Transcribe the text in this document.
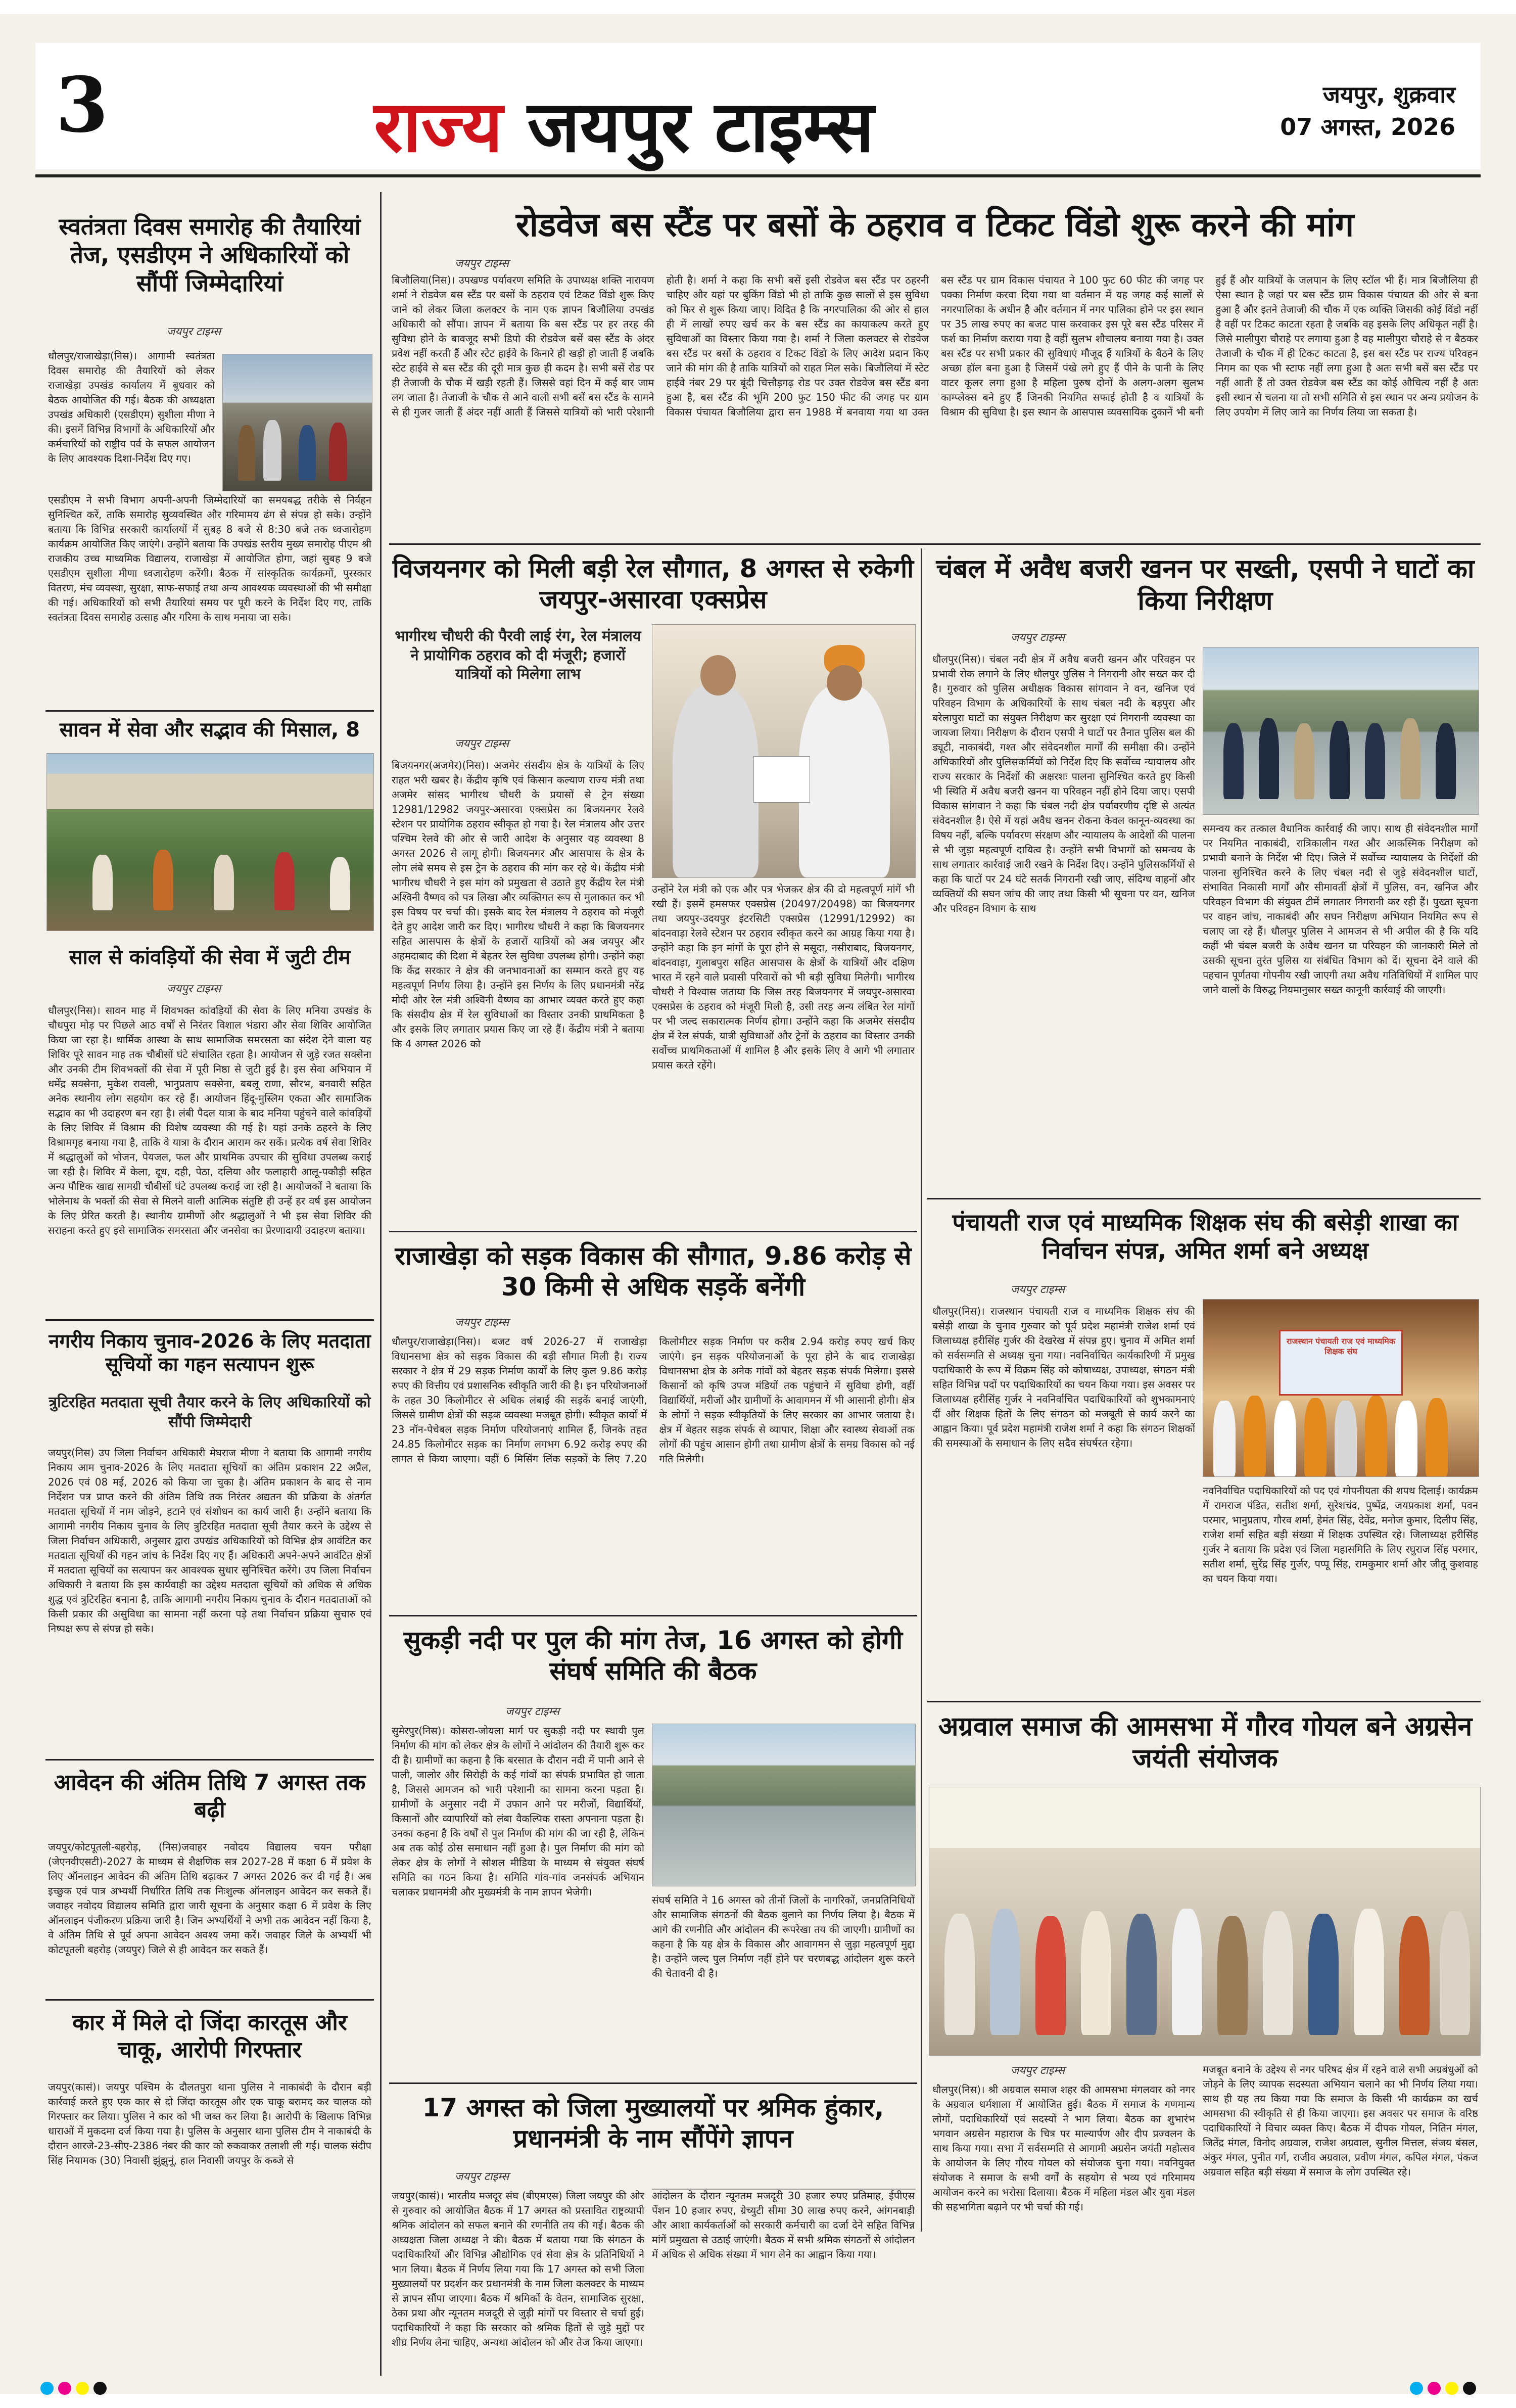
3	राज्य जयपुर टाइम्स	जयपुर, शुक्रवार
07 अगस्त, 2026
स्वतंत्रता दिवस समारोह की तैयारियां तेज, एसडीएम ने अधिकारियों को सौंपीं जिम्मेदारियां
जयपुर टाइम्स
धौलपुर/राजाखेड़ा(निस)। आगामी स्वतंत्रता दिवस समारोह की तैयारियों को लेकर राजाखेड़ा उपखंड कार्यालय में बुधवार को बैठक आयोजित की गई। बैठक की अध्यक्षता उपखंड अधिकारी (एसडीएम) सुशीला मीणा ने की। इसमें विभिन्न विभागों के अधिकारियों और कर्मचारियों को राष्ट्रीय पर्व के सफल आयोजन के लिए आवश्यक दिशा-निर्देश दिए गए।
एसडीएम ने सभी विभाग अपनी-अपनी जिम्मेदारियों का समयबद्ध तरीके से निर्वहन सुनिश्चित करें, ताकि समारोह सुव्यवस्थित और गरिमामय ढंग से संपन्न हो सके। उन्होंने बताया कि विभिन्न सरकारी कार्यालयों में सुबह 8 बजे से 8:30 बजे तक ध्वजारोहण कार्यक्रम आयोजित किए जाएंगे। उन्होंने बताया कि उपखंड स्तरीय मुख्य समारोह पीएम श्री राजकीय उच्च माध्यमिक विद्यालय, राजाखेड़ा में आयोजित होगा, जहां सुबह 9 बजे एसडीएम सुशीला मीणा ध्वजारोहण करेंगी। बैठक में सांस्कृतिक कार्यक्रमों, पुरस्कार वितरण, मंच व्यवस्था, सुरक्षा, साफ-सफाई तथा अन्य आवश्यक व्यवस्थाओं की भी समीक्षा की गई। अधिकारियों को सभी तैयारियां समय पर पूरी करने के निर्देश दिए गए, ताकि स्वतंत्रता दिवस समारोह उत्साह और गरिमा के साथ मनाया जा सके।
सावन में सेवा और सद्भाव की मिसाल, 8
साल से कांवड़ियों की सेवा में जुटी टीम
जयपुर टाइम्स
धौलपुर(निस)। सावन माह में शिवभक्त कांवड़ियों की सेवा के लिए मनिया उपखंड के चौधपुरा मोड़ पर पिछले आठ वर्षों से निरंतर विशाल भंडारा और सेवा शिविर आयोजित किया जा रहा है। धार्मिक आस्था के साथ सामाजिक समरसता का संदेश देने वाला यह शिविर पूरे सावन माह तक चौबीसों घंटे संचालित रहता है। आयोजन से जुड़े रजत सक्सेना और उनकी टीम शिवभक्तों की सेवा में पूरी निष्ठा से जुटी हुई है। इस सेवा अभियान में धर्मेंद्र सक्सेना, मुकेश रावली, भानुप्रताप सक्सेना, बबलू राणा, सौरभ, बनवारी सहित अनेक स्थानीय लोग सहयोग कर रहे हैं। आयोजन हिंदू-मुस्लिम एकता और सामाजिक सद्भाव का भी उदाहरण बन रहा है। लंबी पैदल यात्रा के बाद मनिया पहुंचने वाले कांवड़ियों के लिए शिविर में विश्राम की विशेष व्यवस्था की गई है। यहां उनके ठहरने के लिए विश्रामगृह बनाया गया है, ताकि वे यात्रा के दौरान आराम कर सकें। प्रत्येक वर्ष सेवा शिविर में श्रद्धालुओं को भोजन, पेयजल, फल और प्राथमिक उपचार की सुविधा उपलब्ध कराई जा रही है। शिविर में केला, दूध, दही, पेठा, दलिया और फलाहारी आलू-पकौड़ी सहित अन्य पौष्टिक खाद्य सामग्री चौबीसों घंटे उपलब्ध कराई जा रही है। आयोजकों ने बताया कि भोलेनाथ के भक्तों की सेवा से मिलने वाली आत्मिक संतुष्टि ही उन्हें हर वर्ष इस आयोजन के लिए प्रेरित करती है। स्थानीय ग्रामीणों और श्रद्धालुओं ने भी इस सेवा शिविर की सराहना करते हुए इसे सामाजिक समरसता और जनसेवा का प्रेरणादायी उदाहरण बताया।
नगरीय निकाय चुनाव-2026 के लिए मतदाता सूचियों का गहन सत्यापन शुरू
त्रुटिरहित मतदाता सूची तैयार करने के लिए अधिकारियों को सौंपी जिम्मेदारी
जयपुर(निस) उप जिला निर्वाचन अधिकारी मेघराज मीणा ने बताया कि आगामी नगरीय निकाय आम चुनाव-2026 के लिए मतदाता सूचियों का अंतिम प्रकाशन 22 अप्रैल, 2026 एवं 08 मई, 2026 को किया जा चुका है। अंतिम प्रकाशन के बाद से नाम निर्देशन पत्र प्राप्त करने की अंतिम तिथि तक निरंतर अद्यतन की प्रक्रिया के अंतर्गत मतदाता सूचियों में नाम जोड़ने, हटाने एवं संशोधन का कार्य जारी है। उन्होंने बताया कि आगामी नगरीय निकाय चुनाव के लिए त्रुटिरहित मतदाता सूची तैयार करने के उद्देश्य से जिला निर्वाचन अधिकारी, अनुसार द्वारा उपखंड अधिकारियों को विभिन्न क्षेत्र आवंटित कर मतदाता सूचियों की गहन जांच के निर्देश दिए गए हैं। अधिकारी अपने-अपने आवंटित क्षेत्रों में मतदाता सूचियों का सत्यापन कर आवश्यक सुधार सुनिश्चित करेंगे। उप जिला निर्वाचन अधिकारी ने बताया कि इस कार्यवाही का उद्देश्य मतदाता सूचियों को अधिक से अधिक शुद्ध एवं त्रुटिरहित बनाना है, ताकि आगामी नगरीय निकाय चुनाव के दौरान मतदाताओं को किसी प्रकार की असुविधा का सामना नहीं करना पड़े तथा निर्वाचन प्रक्रिया सुचारु एवं निष्पक्ष रूप से संपन्न हो सके।
आवेदन की अंतिम तिथि 7 अगस्त तक बढ़ी
जयपुर/कोटपूतली-बहरोड़, (निस)जवाहर नवोदय विद्यालय चयन परीक्षा (जेएनवीएसटी)-2027 के माध्यम से शैक्षणिक सत्र 2027-28 में कक्षा 6 में प्रवेश के लिए ऑनलाइन आवेदन की अंतिम तिथि बढ़ाकर 7 अगस्त 2026 कर दी गई है। अब इच्छुक एवं पात्र अभ्यर्थी निर्धारित तिथि तक निःशुल्क ऑनलाइन आवेदन कर सकते हैं। जवाहर नवोदय विद्यालय समिति द्वारा जारी सूचना के अनुसार कक्षा 6 में प्रवेश के लिए ऑनलाइन पंजीकरण प्रक्रिया जारी है। जिन अभ्यर्थियों ने अभी तक आवेदन नहीं किया है, वे अंतिम तिथि से पूर्व अपना आवेदन अवश्य जमा करें। जवाहर जिले के अभ्यर्थी भी कोटपूतली बहरोड़ (जयपुर) जिले से ही आवेदन कर सकते हैं।
कार में मिले दो जिंदा कारतूस और चाकू, आरोपी गिरफ्तार
जयपुर(कासं)। जयपुर पश्चिम के दौलतपुरा थाना पुलिस ने नाकाबंदी के दौरान बड़ी कार्रवाई करते हुए एक कार से दो जिंदा कारतूस और एक चाकू बरामद कर चालक को गिरफ्तार कर लिया। पुलिस ने कार को भी जब्त कर लिया है। आरोपी के खिलाफ विभिन्न धाराओं में मुकदमा दर्ज किया गया है। पुलिस के अनुसार थाना पुलिस टीम ने नाकाबंदी के दौरान आरजे-23-सीए-2386 नंबर की कार को रुकवाकर तलाशी ली गई। चालक संदीप सिंह नियामक (30) निवासी झुंझुनूं, हाल निवासी जयपुर के कब्जे से
रोडवेज बस स्टैंड पर बसों के ठहराव व टिकट विंडो शुरू करने की मांग
जयपुर टाइम्स
बिजौलिया(निस)। उपखण्ड पर्यावरण समिति के उपाध्यक्ष शक्ति नारायण शर्मा ने रोडवेज बस स्टैंड पर बसों के ठहराव एवं टिकट विंडो शुरू किए जाने को लेकर जिला कलक्टर के नाम एक ज्ञापन बिजौलिया उपखंड अधिकारी को सौंपा। ज्ञापन में बताया कि बस स्टैंड पर हर तरह की सुविधा होने के बावजूद सभी डिपो की रोडवेज बसें बस स्टैंड के अंदर प्रवेश नहीं करती हैं और स्टेट हाईवे के किनारे ही खड़ी हो जाती हैं जबकि स्टेट हाईवे से बस स्टैंड की दूरी मात्र कुछ ही कदम है। सभी बसें रोड पर ही तेजाजी के चौक में खड़ी रहती हैं। जिससे वहां दिन में कई बार जाम लग जाता है। तेजाजी के चौक से आने वाली सभी बसें बस स्टैंड के सामने से ही गुजर जाती हैं अंदर नहीं आती हैं जिससे यात्रियों को भारी परेशानी होती है। शर्मा ने कहा कि सभी बसें इसी रोडवेज बस स्टैंड पर ठहरनी चाहिए और यहां पर बुकिंग विंडो भी हो ताकि कुछ सालों से इस सुविधा को फिर से शुरू किया जाए। विदित है कि नगरपालिका की ओर से हाल ही में लाखों रुपए खर्च कर के बस स्टैंड का कायाकल्प करते हुए सुविधाओं का विस्तार किया गया है। शर्मा ने जिला कलक्टर से रोडवेज बस स्टैंड पर बसों के ठहराव व टिकट विंडो के लिए आदेश प्रदान किए जाने की मांग की है ताकि यात्रियों को राहत मिल सके। बिजौलियां में स्टेट हाईवे नंबर 29 पर बूंदी चित्तौड़गढ़ रोड पर उक्त रोडवेज बस स्टैंड बना हुआ है, बस स्टैंड की भूमि 200 फुट 150 फीट की जगह पर ग्राम विकास पंचायत बिजौलिया द्वारा सन 1988 में बनवाया गया था उक्त बस स्टैंड पर ग्राम विकास पंचायत ने 100 फुट 60 फीट की जगह पर पक्का निर्माण करवा दिया गया था वर्तमान में यह जगह कई सालों से नगरपालिका के अधीन है और वर्तमान में नगर पालिका होने पर इस स्थान पर 35 लाख रुपए का बजट पास करवाकर इस पूरे बस स्टैंड परिसर में फर्श का निर्माण कराया गया है वहीं सुलभ शौचालय बनाया गया है। उक्त बस स्टैंड पर सभी प्रकार की सुविधाएं मौजूद हैं यात्रियों के बैठने के लिए अच्छा हॉल बना हुआ है जिसमें पंखे लगे हुए हैं पीने के पानी के लिए वाटर कूलर लगा हुआ है महिला पुरुष दोनों के अलग-अलग सुलभ काम्प्लेक्स बने हुए हैं जिनकी नियमित सफाई होती है व यात्रियों के विश्राम की सुविधा है। इस स्थान के आसपास व्यवसायिक दुकानें भी बनी हुई हैं और यात्रियों के जलपान के लिए स्टॉल भी हैं। मात्र बिजौलिया ही ऐसा स्थान है जहां पर बस स्टैंड ग्राम विकास पंचायत की ओर से बना हुआ है और इतने तेजाजी की चौक में एक व्यक्ति जिसकी कोई विंडो नहीं है वहीं पर टिकट काटता रहता है जबकि वह इसके लिए अधिकृत नहीं है। जिसे मालीपुरा चौराहे पर लगाया हुआ है वह मालीपुरा चौराहे से न बैठकर तेजाजी के चौक में ही टिकट काटता है, इस बस स्टैंड पर राज्य परिवहन निगम का एक भी स्टाफ नहीं लगा हुआ है अतः सभी बसें बस स्टैंड पर नहीं आती हैं तो उक्त रोडवेज बस स्टैंड का कोई औचित्य नहीं है अतः इसी स्थान से चलना या तो सभी समिति से इस स्थान पर अन्य प्रयोजन के लिए उपयोग में लिए जाने का निर्णय लिया जा सकता है।
विजयनगर को मिली बड़ी रेल सौगात, 8 अगस्त से रुकेगी जयपुर-असारवा एक्सप्रेस
भागीरथ चौधरी की पैरवी लाई रंग, रेल मंत्रालय ने प्रायोगिक ठहराव को दी मंजूरी; हजारों यात्रियों को मिलेगा लाभ
जयपुर टाइम्स
बिजयनगर(अजमेर)(निस)। अजमेर संसदीय क्षेत्र के यात्रियों के लिए राहत भरी खबर है। केंद्रीय कृषि एवं किसान कल्याण राज्य मंत्री तथा अजमेर सांसद भागीरथ चौधरी के प्रयासों से ट्रेन संख्या 12981/12982 जयपुर-असारवा एक्सप्रेस का बिजयनगर रेलवे स्टेशन पर प्रायोगिक ठहराव स्वीकृत हो गया है। रेल मंत्रालय और उत्तर पश्चिम रेलवे की ओर से जारी आदेश के अनुसार यह व्यवस्था 8 अगस्त 2026 से लागू होगी। बिजयनगर और आसपास के क्षेत्र के लोग लंबे समय से इस ट्रेन के ठहराव की मांग कर रहे थे। केंद्रीय मंत्री भागीरथ चौधरी ने इस मांग को प्रमुखता से उठाते हुए केंद्रीय रेल मंत्री अश्विनी वैष्णव को पत्र लिखा और व्यक्तिगत रूप से मुलाकात कर भी इस विषय पर चर्चा की। इसके बाद रेल मंत्रालय ने ठहराव को मंजूरी देते हुए आदेश जारी कर दिए। भागीरथ चौधरी ने कहा कि बिजयनगर सहित आसपास के क्षेत्रों के हजारों यात्रियों को अब जयपुर और अहमदाबाद की दिशा में बेहतर रेल सुविधा उपलब्ध होगी। उन्होंने कहा कि केंद्र सरकार ने क्षेत्र की जनभावनाओं का सम्मान करते हुए यह महत्वपूर्ण निर्णय लिया है। उन्होंने इस निर्णय के लिए प्रधानमंत्री नरेंद्र मोदी और रेल मंत्री अश्विनी वैष्णव का आभार व्यक्त करते हुए कहा कि संसदीय क्षेत्र में रेल सुविधाओं का विस्तार उनकी प्राथमिकता है और इसके लिए लगातार प्रयास किए जा रहे हैं। केंद्रीय मंत्री ने बताया कि 4 अगस्त 2026 को
उन्होंने रेल मंत्री को एक और पत्र भेजकर क्षेत्र की दो महत्वपूर्ण मांगें भी रखी हैं। इसमें हमसफर एक्सप्रेस (20497/20498) का बिजयनगर तथा जयपुर-उदयपुर इंटरसिटी एक्सप्रेस (12991/12992) का बांदनवाड़ा रेलवे स्टेशन पर ठहराव स्वीकृत करने का आग्रह किया गया है। उन्होंने कहा कि इन मांगों के पूरा होने से मसूदा, नसीराबाद, बिजयनगर, बांदनवाड़ा, गुलाबपुरा सहित आसपास के क्षेत्रों के यात्रियों और दक्षिण भारत में रहने वाले प्रवासी परिवारों को भी बड़ी सुविधा मिलेगी। भागीरथ चौधरी ने विश्वास जताया कि जिस तरह बिजयनगर में जयपुर-असारवा एक्सप्रेस के ठहराव को मंजूरी मिली है, उसी तरह अन्य लंबित रेल मांगों पर भी जल्द सकारात्मक निर्णय होगा। उन्होंने कहा कि अजमेर संसदीय क्षेत्र में रेल संपर्क, यात्री सुविधाओं और ट्रेनों के ठहराव का विस्तार उनकी सर्वोच्च प्राथमिकताओं में शामिल है और इसके लिए वे आगे भी लगातार प्रयास करते रहेंगे।
राजाखेड़ा को सड़क विकास की सौगात, 9.86 करोड़ से 30 किमी से अधिक सड़कें बनेंगी
जयपुर टाइम्स
धौलपुर/राजाखेड़ा(निस)। बजट वर्ष 2026-27 में राजाखेड़ा विधानसभा क्षेत्र को सड़क विकास की बड़ी सौगात मिली है। राज्य सरकार ने क्षेत्र में 29 सड़क निर्माण कार्यों के लिए कुल 9.86 करोड़ रुपए की वित्तीय एवं प्रशासनिक स्वीकृति जारी की है। इन परियोजनाओं के तहत 30 किलोमीटर से अधिक लंबाई की सड़कें बनाई जाएंगी, जिससे ग्रामीण क्षेत्रों की सड़क व्यवस्था मजबूत होगी। स्वीकृत कार्यों में 23 नॉन-पेचेबल सड़क निर्माण परियोजनाएं शामिल हैं, जिनके तहत 24.85 किलोमीटर सड़क का निर्माण लगभग 6.92 करोड़ रुपए की लागत से किया जाएगा। वहीं 6 मिसिंग लिंक सड़कों के लिए 7.20 किलोमीटर सड़क निर्माण पर करीब 2.94 करोड़ रुपए खर्च किए जाएंगे। इन सड़क परियोजनाओं के पूरा होने के बाद राजाखेड़ा विधानसभा क्षेत्र के अनेक गांवों को बेहतर सड़क संपर्क मिलेगा। इससे किसानों को कृषि उपज मंडियों तक पहुंचाने में सुविधा होगी, वहीं विद्यार्थियों, मरीजों और ग्रामीणों के आवागमन में भी आसानी होगी। क्षेत्र के लोगों ने सड़क स्वीकृतियों के लिए सरकार का आभार जताया है। क्षेत्र में बेहतर सड़क संपर्क से व्यापार, शिक्षा और स्वास्थ्य सेवाओं तक लोगों की पहुंच आसान होगी तथा ग्रामीण क्षेत्रों के समग्र विकास को नई गति मिलेगी।
सुकड़ी नदी पर पुल की मांग तेज, 16 अगस्त को होगी संघर्ष समिति की बैठक
जयपुर टाइम्स
सुमेरपुर(निस)। कोसरा-जोयला मार्ग पर सुकड़ी नदी पर स्थायी पुल निर्माण की मांग को लेकर क्षेत्र के लोगों ने आंदोलन की तैयारी शुरू कर दी है। ग्रामीणों का कहना है कि बरसात के दौरान नदी में पानी आने से पाली, जालोर और सिरोही के कई गांवों का संपर्क प्रभावित हो जाता है, जिससे आमजन को भारी परेशानी का सामना करना पड़ता है। ग्रामीणों के अनुसार नदी में उफान आने पर मरीजों, विद्यार्थियों, किसानों और व्यापारियों को लंबा वैकल्पिक रास्ता अपनाना पड़ता है। उनका कहना है कि वर्षों से पुल निर्माण की मांग की जा रही है, लेकिन अब तक कोई ठोस समाधान नहीं हुआ है। पुल निर्माण की मांग को लेकर क्षेत्र के लोगों ने सोशल मीडिया के माध्यम से संयुक्त संघर्ष समिति का गठन किया है। समिति गांव-गांव जनसंपर्क अभियान चलाकर प्रधानमंत्री और मुख्यमंत्री के नाम ज्ञापन भेजेगी।
संघर्ष समिति ने 16 अगस्त को तीनों जिलों के नागरिकों, जनप्रतिनिधियों और सामाजिक संगठनों की बैठक बुलाने का निर्णय लिया है। बैठक में आगे की रणनीति और आंदोलन की रूपरेखा तय की जाएगी। ग्रामीणों का कहना है कि यह क्षेत्र के विकास और आवागमन से जुड़ा महत्वपूर्ण मुद्दा है। उन्होंने जल्द पुल निर्माण नहीं होने पर चरणबद्ध आंदोलन शुरू करने की चेतावनी दी है।
17 अगस्त को जिला मुख्यालयों पर श्रमिक हुंकार, प्रधानमंत्री के नाम सौंपेंगे ज्ञापन
जयपुर टाइम्स
जयपुर(कासं)। भारतीय मजदूर संघ (बीएमएस) जिला जयपुर की ओर से गुरुवार को आयोजित बैठक में 17 अगस्त को प्रस्तावित राष्ट्रव्यापी श्रमिक आंदोलन को सफल बनाने की रणनीति तय की गई। बैठक की अध्यक्षता जिला अध्यक्ष ने की। बैठक में बताया गया कि संगठन के पदाधिकारियों और विभिन्न औद्योगिक एवं सेवा क्षेत्र के प्रतिनिधियों ने भाग लिया। बैठक में निर्णय लिया गया कि 17 अगस्त को सभी जिला मुख्यालयों पर प्रदर्शन कर प्रधानमंत्री के नाम जिला कलक्टर के माध्यम से ज्ञापन सौंपा जाएगा। बैठक में श्रमिकों के वेतन, सामाजिक सुरक्षा, ठेका प्रथा और न्यूनतम मजदूरी से जुड़ी मांगों पर विस्तार से चर्चा हुई। पदाधिकारियों ने कहा कि सरकार को श्रमिक हितों से जुड़े मुद्दों पर शीघ्र निर्णय लेना चाहिए, अन्यथा आंदोलन को और तेज किया जाएगा।
आंदोलन के दौरान न्यूनतम मजदूरी 30 हजार रुपए प्रतिमाह, ईपीएस पेंशन 10 हजार रुपए, ग्रेच्युटी सीमा 30 लाख रुपए करने, आंगनबाड़ी और आशा कार्यकर्ताओं को सरकारी कर्मचारी का दर्जा देने सहित विभिन्न मांगें प्रमुखता से उठाई जाएंगी। बैठक में सभी श्रमिक संगठनों से आंदोलन में अधिक से अधिक संख्या में भाग लेने का आह्वान किया गया।
चंबल में अवैध बजरी खनन पर सख्ती, एसपी ने घाटों का किया निरीक्षण
जयपुर टाइम्स
धौलपुर(निस)। चंबल नदी क्षेत्र में अवैध बजरी खनन और परिवहन पर प्रभावी रोक लगाने के लिए धौलपुर पुलिस ने निगरानी और सख्त कर दी है। गुरुवार को पुलिस अधीक्षक विकास सांगवान ने वन, खनिज एवं परिवहन विभाग के अधिकारियों के साथ चंबल नदी के बड़पुरा और बरेलापुरा घाटों का संयुक्त निरीक्षण कर सुरक्षा एवं निगरानी व्यवस्था का जायजा लिया। निरीक्षण के दौरान एसपी ने घाटों पर तैनात पुलिस बल की ड्यूटी, नाकाबंदी, गश्त और संवेदनशील मार्गों की समीक्षा की। उन्होंने अधिकारियों और पुलिसकर्मियों को निर्देश दिए कि सर्वोच्च न्यायालय और राज्य सरकार के निर्देशों की अक्षरशः पालना सुनिश्चित करते हुए किसी भी स्थिति में अवैध बजरी खनन या परिवहन नहीं होने दिया जाए। एसपी विकास सांगवान ने कहा कि चंबल नदी क्षेत्र पर्यावरणीय दृष्टि से अत्यंत संवेदनशील है। ऐसे में यहां अवैध खनन रोकना केवल कानून-व्यवस्था का विषय नहीं, बल्कि पर्यावरण संरक्षण और न्यायालय के आदेशों की पालना से भी जुड़ा महत्वपूर्ण दायित्व है। उन्होंने सभी विभागों को समन्वय के साथ लगातार कार्रवाई जारी रखने के निर्देश दिए। उन्होंने पुलिसकर्मियों से कहा कि घाटों पर 24 घंटे सतर्क निगरानी रखी जाए, संदिग्ध वाहनों और व्यक्तियों की सघन जांच की जाए तथा किसी भी सूचना पर वन, खनिज और परिवहन विभाग के साथ
समन्वय कर तत्काल वैधानिक कार्रवाई की जाए। साथ ही संवेदनशील मार्गों पर नियमित नाकाबंदी, रात्रिकालीन गश्त और आकस्मिक निरीक्षण को प्रभावी बनाने के निर्देश भी दिए। जिले में सर्वोच्च न्यायालय के निर्देशों की पालना सुनिश्चित करने के लिए चंबल नदी से जुड़े संवेदनशील घाटों, संभावित निकासी मार्गों और सीमावर्ती क्षेत्रों में पुलिस, वन, खनिज और परिवहन विभाग की संयुक्त टीमें लगातार निगरानी कर रही हैं। पुख्ता सूचना पर वाहन जांच, नाकाबंदी और सघन निरीक्षण अभियान नियमित रूप से चलाए जा रहे हैं। धौलपुर पुलिस ने आमजन से भी अपील की है कि यदि कहीं भी चंबल बजरी के अवैध खनन या परिवहन की जानकारी मिले तो उसकी सूचना तुरंत पुलिस या संबंधित विभाग को दें। सूचना देने वाले की पहचान पूर्णतया गोपनीय रखी जाएगी तथा अवैध गतिविधियों में शामिल पाए जाने वालों के विरुद्ध नियमानुसार सख्त कानूनी कार्रवाई की जाएगी।
पंचायती राज एवं माध्यमिक शिक्षक संघ की बसेड़ी शाखा का निर्वाचन संपन्न, अमित शर्मा बने अध्यक्ष
जयपुर टाइम्स
धौलपुर(निस)। राजस्थान पंचायती राज व माध्यमिक शिक्षक संघ की बसेड़ी शाखा के चुनाव गुरुवार को पूर्व प्रदेश महामंत्री राजेश शर्मा एवं जिलाध्यक्ष हरीसिंह गुर्जर की देखरेख में संपन्न हुए। चुनाव में अमित शर्मा को सर्वसम्मति से अध्यक्ष चुना गया। नवनिर्वाचित कार्यकारिणी में प्रमुख पदाधिकारी के रूप में विक्रम सिंह को कोषाध्यक्ष, उपाध्यक्ष, संगठन मंत्री सहित विभिन्न पदों पर पदाधिकारियों का चयन किया गया। इस अवसर पर जिलाध्यक्ष हरीसिंह गुर्जर ने नवनिर्वाचित पदाधिकारियों को शुभकामनाएं दीं और शिक्षक हितों के लिए संगठन को मजबूती से कार्य करने का आह्वान किया। पूर्व प्रदेश महामंत्री राजेश शर्मा ने कहा कि संगठन शिक्षकों की समस्याओं के समाधान के लिए सदैव संघर्षरत रहेगा।
राजस्थान पंचायती राज एवं माध्यमिक शिक्षक संघ
नवनिर्वाचित पदाधिकारियों को पद एवं गोपनीयता की शपथ दिलाई। कार्यक्रम में रामराज पंडित, सतीश शर्मा, सुरेशचंद, पुष्पेंद्र, जयप्रकाश शर्मा, पवन परमार, भानुप्रताप, गौरव शर्मा, हेमंत सिंह, देवेंद्र, मनोज कुमार, दिलीप सिंह, राजेश शर्मा सहित बड़ी संख्या में शिक्षक उपस्थित रहे। जिलाध्यक्ष हरीसिंह गुर्जर ने बताया कि प्रदेश एवं जिला महासमिति के लिए रघुराज सिंह परमार, सतीश शर्मा, सुरेंद्र सिंह गुर्जर, पप्पू सिंह, रामकुमार शर्मा और जीतू कुशवाह का चयन किया गया।
अग्रवाल समाज की आमसभा में गौरव गोयल बने अग्रसेन जयंती संयोजक
जयपुर टाइम्स
धौलपुर(निस)। श्री अग्रवाल समाज शहर की आमसभा मंगलवार को नगर के अग्रवाल धर्मशाला में आयोजित हुई। बैठक में समाज के गणमान्य लोगों, पदाधिकारियों एवं सदस्यों ने भाग लिया। बैठक का शुभारंभ भगवान अग्रसेन महाराज के चित्र पर माल्यार्पण और दीप प्रज्वलन के साथ किया गया। सभा में सर्वसम्मति से आगामी अग्रसेन जयंती महोत्सव के आयोजन के लिए गौरव गोयल को संयोजक चुना गया। नवनियुक्त संयोजक ने समाज के सभी वर्गों के सहयोग से भव्य एवं गरिमामय आयोजन करने का भरोसा दिलाया। बैठक में महिला मंडल और युवा मंडल की सहभागिता बढ़ाने पर भी चर्चा की गई।
मजबूत बनाने के उद्देश्य से नगर परिषद क्षेत्र में रहने वाले सभी अग्रबंधुओं को जोड़ने के लिए व्यापक सदस्यता अभियान चलाने का भी निर्णय लिया गया। साथ ही यह तय किया गया कि समाज के किसी भी कार्यक्रम का खर्च आमसभा की स्वीकृति से ही किया जाएगा। इस अवसर पर समाज के वरिष्ठ पदाधिकारियों ने विचार व्यक्त किए। बैठक में दीपक गोयल, नितिन मंगल, जितेंद्र मंगल, विनोद अग्रवाल, राजेश अग्रवाल, सुनील मित्तल, संजय बंसल, अंकुर मंगल, पुनीत गर्ग, राजीव अग्रवाल, प्रवीण मंगल, कपिल मंगल, पंकज अग्रवाल सहित बड़ी संख्या में समाज के लोग उपस्थित रहे।
